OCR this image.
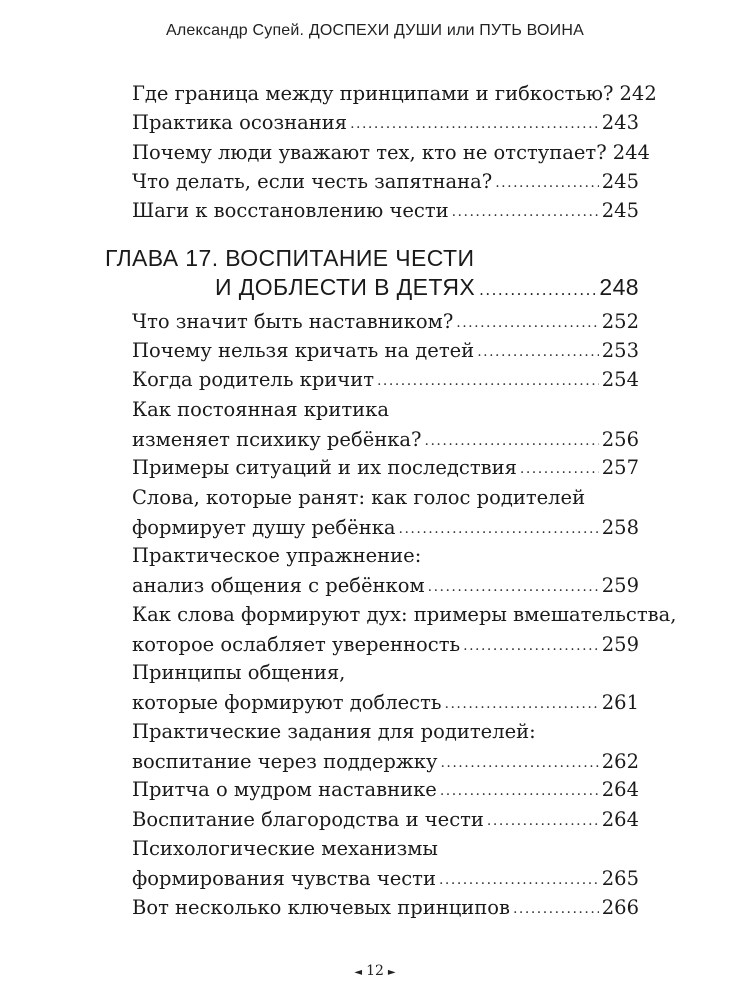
Александр Супей. ДОСПЕХИ ДУШИ или ПУТЬ ВОИНА
Где граница между принципами и гибкостью? 242
Практика осознания .....	243
Почему люди уважают тех, кто не отступает? 244
Что делать, если честь запятнана? .....	245
Шаги к восстановлению чести .....	245
ГЛАВА 17. ВОСПИТАНИЕ ЧЕСТИ
И ДОБЛЕСТИ В ДЕТЯХ .....	248
Что значит быть наставником? .....	252
Почему нельзя кричать на детей .....	253
Когда родитель кричит .....	254
Как постоянная критика
изменяет психику ребёнка? .....	256
Примеры ситуаций и их последствия .....	257
Слова, которые ранят: как голос родителей
формирует душу ребёнка .....	258
Практическое упражнение:
анализ общения с ребёнком .....	259
Как слова формируют дух: примеры вмешательства,
которое ослабляет уверенность .....	259
Принципы общения,
которые формируют доблесть .....	261
Практические задания для родителей:
воспитание через поддержку .....	262
Притча о мудром наставнике .....	264
Воспитание благородства и чести .....	264
Психологические механизмы
формирования чувства чести .....	265
Вот несколько ключевых принципов .....	266
◄ 12 ►
